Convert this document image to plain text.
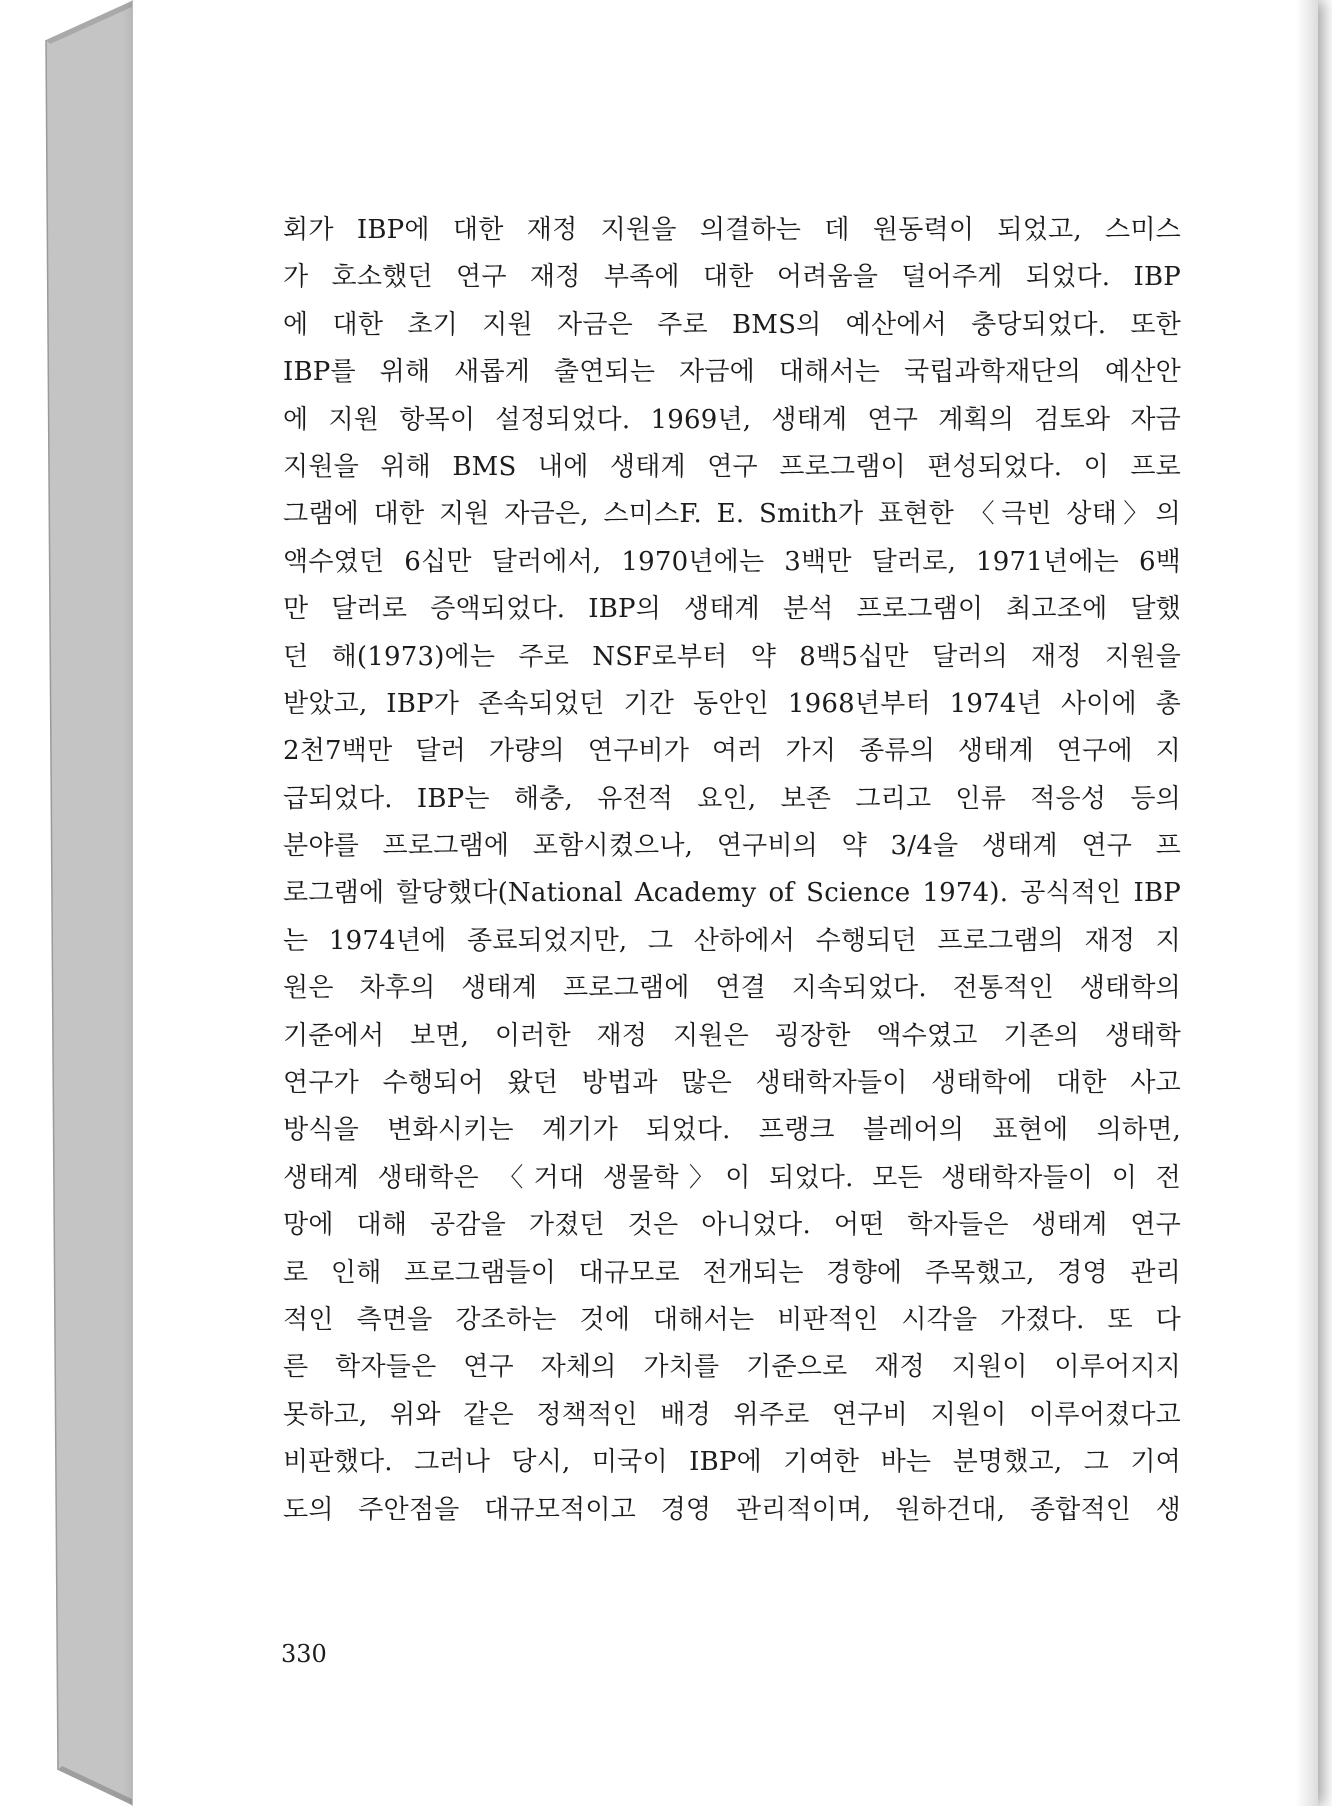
회가 IBP에 대한 재정 지원을 의결하는 데 원동력이 되었고, 스미스
가 호소했던 연구 재정 부족에 대한 어려움을 덜어주게 되었다. IBP
에 대한 초기 지원 자금은 주로 BMS의 예산에서 충당되었다. 또한
IBP를 위해 새롭게 출연되는 자금에 대해서는 국립과학재단의 예산안
에 지원 항목이 설정되었다. 1969년, 생태계 연구 계획의 검토와 자금
지원을 위해 BMS 내에 생태계 연구 프로그램이 편성되었다. 이 프로
그램에 대한 지원 자금은, 스미스F. E. Smith가 표현한 〈극빈 상태〉의
액수였던 6십만 달러에서, 1970년에는 3백만 달러로, 1971년에는 6백
만 달러로 증액되었다. IBP의 생태계 분석 프로그램이 최고조에 달했
던 해(1973)에는 주로 NSF로부터 약 8백5십만 달러의 재정 지원을
받았고, IBP가 존속되었던 기간 동안인 1968년부터 1974년 사이에 총
2천7백만 달러 가량의 연구비가 여러 가지 종류의 생태계 연구에 지
급되었다. IBP는 해충, 유전적 요인, 보존 그리고 인류 적응성 등의
분야를 프로그램에 포함시켰으나, 연구비의 약 3/4을 생태계 연구 프
로그램에 할당했다(National Academy of Science 1974). 공식적인 IBP
는 1974년에 종료되었지만, 그 산하에서 수행되던 프로그램의 재정 지
원은 차후의 생태계 프로그램에 연결 지속되었다. 전통적인 생태학의
기준에서 보면, 이러한 재정 지원은 굉장한 액수였고 기존의 생태학
연구가 수행되어 왔던 방법과 많은 생태학자들이 생태학에 대한 사고
방식을 변화시키는 계기가 되었다. 프랭크 블레어의 표현에 의하면,
생태계 생태학은 〈거대 생물학〉이 되었다. 모든 생태학자들이 이 전
망에 대해 공감을 가졌던 것은 아니었다. 어떤 학자들은 생태계 연구
로 인해 프로그램들이 대규모로 전개되는 경향에 주목했고, 경영 관리
적인 측면을 강조하는 것에 대해서는 비판적인 시각을 가졌다. 또 다
른 학자들은 연구 자체의 가치를 기준으로 재정 지원이 이루어지지
못하고, 위와 같은 정책적인 배경 위주로 연구비 지원이 이루어졌다고
비판했다. 그러나 당시, 미국이 IBP에 기여한 바는 분명했고, 그 기여
도의 주안점을 대규모적이고 경영 관리적이며, 원하건대, 종합적인 생
330
